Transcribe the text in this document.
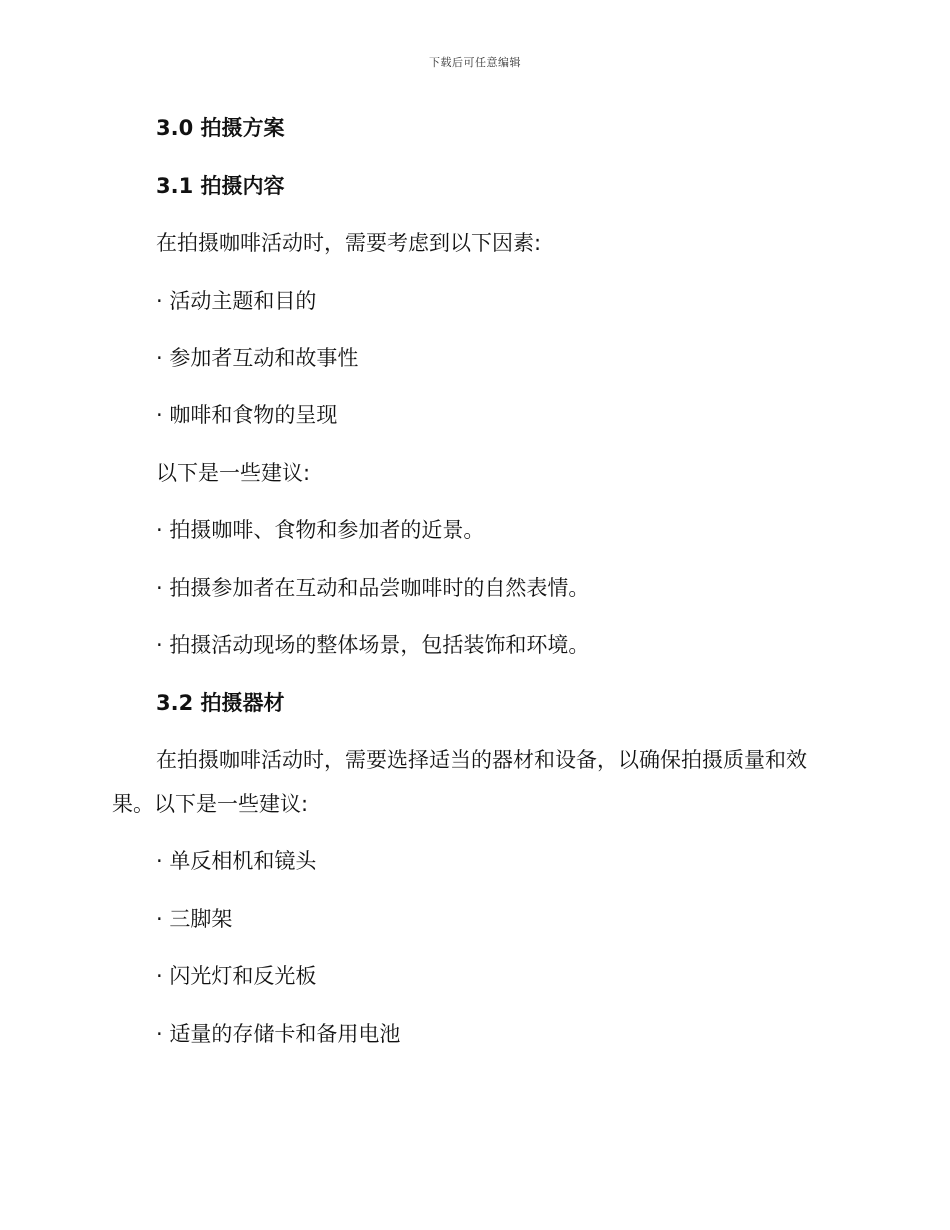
下载后可任意编辑
3.0 拍摄方案
3.1 拍摄内容
在拍摄咖啡活动时，需要考虑到以下因素:
· 活动主题和目的
· 参加者互动和故事性
· 咖啡和食物的呈现
以下是一些建议:
· 拍摄咖啡、食物和参加者的近景。
· 拍摄参加者在互动和品尝咖啡时的自然表情。
· 拍摄活动现场的整体场景，包括装饰和环境。
3.2 拍摄器材
在拍摄咖啡活动时，需要选择适当的器材和设备，以确保拍摄质量和效
果。以下是一些建议:
· 单反相机和镜头
· 三脚架
· 闪光灯和反光板
· 适量的存储卡和备用电池
